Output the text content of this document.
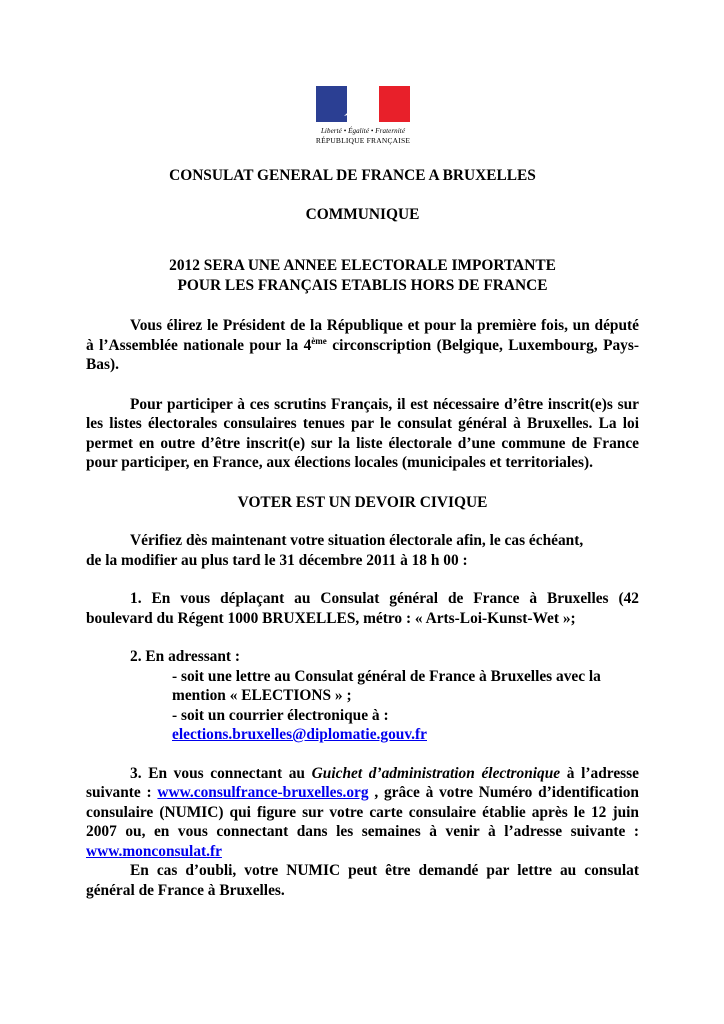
Liberté • Égalité • Fraternité
RÉPUBLIQUE FRANÇAISE

CONSULAT GENERAL DE FRANCE A BRUXELLES

COMMUNIQUE

2012 SERA UNE ANNEE ELECTORALE IMPORTANTE

POUR LES FRANÇAIS ETABLIS HORS DE FRANCE

Vous élirez le Président de la République et pour la première fois, un député à l’Assemblée nationale pour la 4ème circonscription (Belgique, Luxembourg, Pays-Bas).

Pour participer à ces scrutins Français, il est nécessaire d’être inscrit(e)s sur les listes électorales consulaires tenues par le consulat général à Bruxelles. La loi permet en outre d’être inscrit(e) sur la liste électorale d’une commune de France pour participer, en France, aux élections locales (municipales et territoriales).

VOTER EST UN DEVOIR CIVIQUE

Vérifiez dès maintenant votre situation électorale afin, le cas échéant,

de la modifier au plus tard le 31 décembre 2011 à 18 h 00 :

1. En vous déplaçant au Consulat général de France à Bruxelles (42 boulevard du Régent 1000 BRUXELLES, métro : « Arts-Loi-Kunst-Wet »;

2. En adressant :

- soit une lettre au Consulat général de France à Bruxelles avec la mention « ELECTIONS » ;

- soit un courrier électronique à :

elections.bruxelles@diplomatie.gouv.fr

3. En vous connectant au Guichet d’administration électronique à l’adresse suivante : www.consulfrance-bruxelles.org , grâce à votre Numéro d’identification consulaire (NUMIC) qui figure sur votre carte consulaire établie après le 12 juin 2007 ou, en vous connectant dans les semaines à venir à l’adresse suivante : www.monconsulat.fr

En cas d’oubli, votre NUMIC peut être demandé par lettre au consulat général de France à Bruxelles.
